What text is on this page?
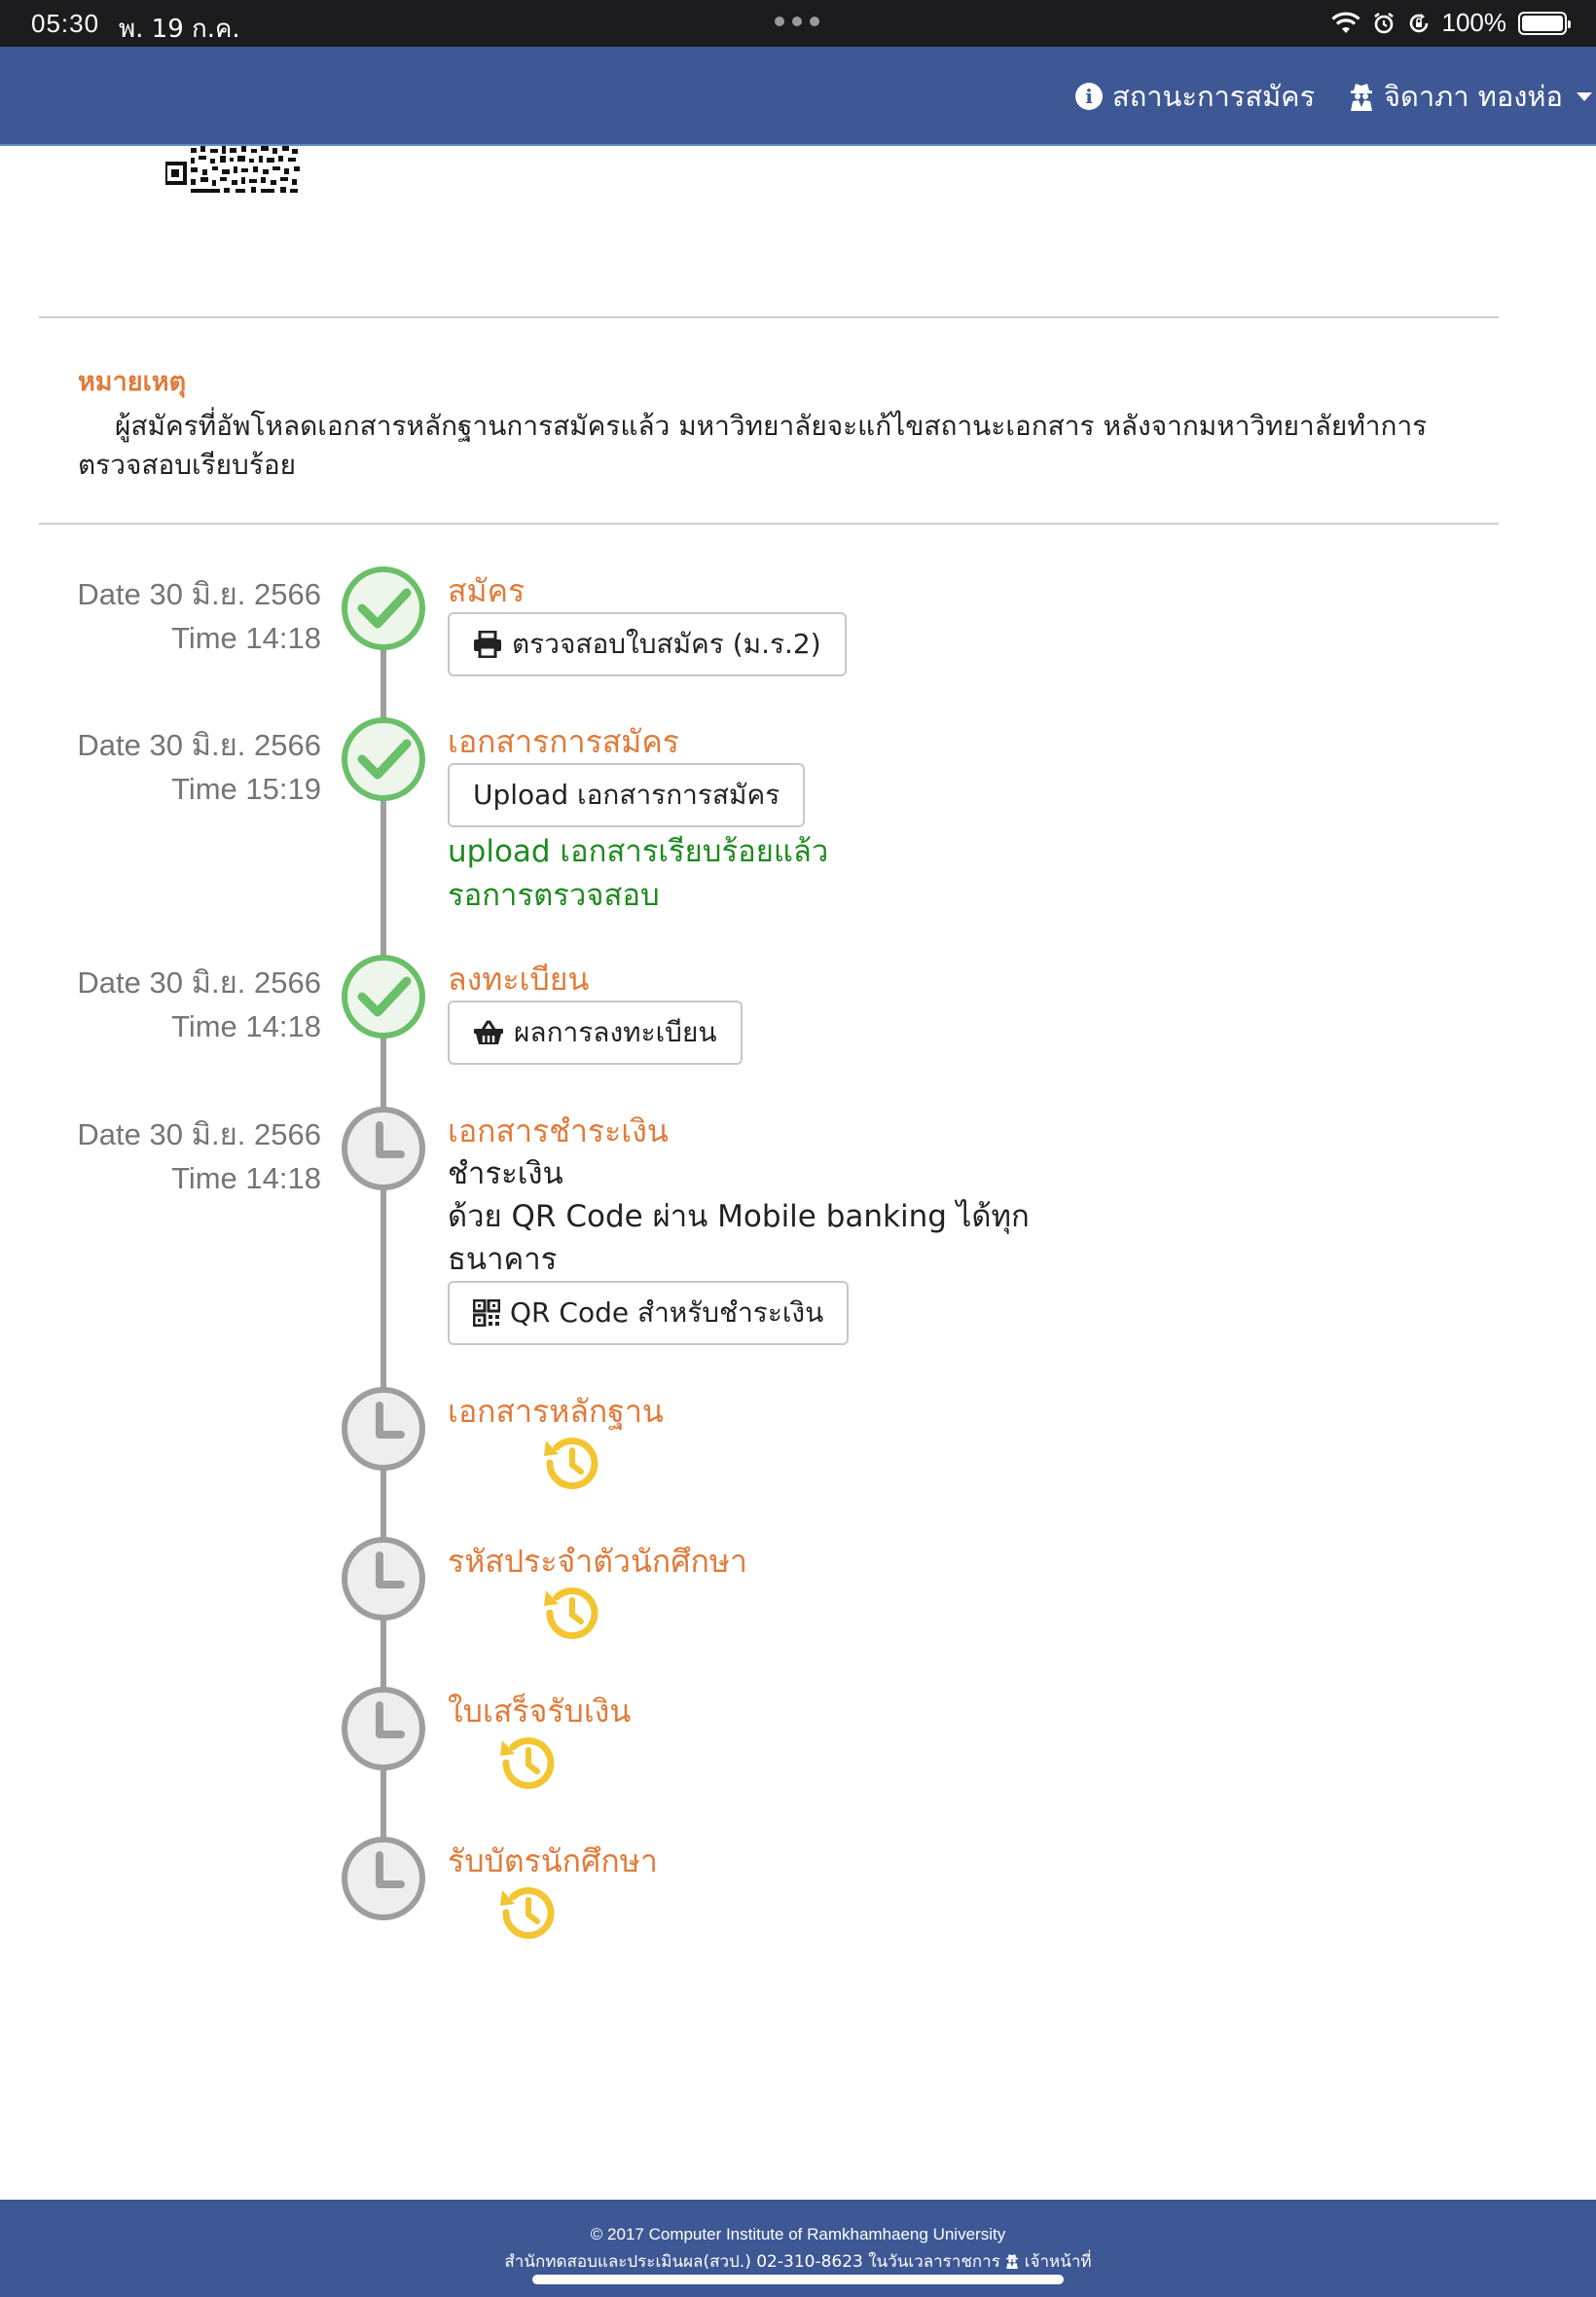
05:30 พ. 19 ก.ค.	100%
i สถานะการสมัคร จิดาภา ทองห่อ
หมายเหตุ
ผู้สมัครที่อัพโหลดเอกสารหลักฐานการสมัครแล้ว มหาวิทยาลัยจะแก้ไขสถานะเอกสาร หลังจากมหาวิทยาลัยทำการตรวจสอบเรียบร้อย
Date 30 มิ.ย. 2566
Time 14:18
สมัคร
ตรวจสอบใบสมัคร (ม.ร.2)
Date 30 มิ.ย. 2566
Time 15:19
เอกสารการสมัคร
Upload เอกสารการสมัคร
upload เอกสารเรียบร้อยแล้ว
รอการตรวจสอบ
Date 30 มิ.ย. 2566
Time 14:18
ลงทะเบียน
ผลการลงทะเบียน
Date 30 มิ.ย. 2566
Time 14:18
เอกสารชำระเงิน
ชำระเงิน
ด้วย QR Code ผ่าน Mobile banking ได้ทุก
ธนาคาร
QR Code สำหรับชำระเงิน
เอกสารหลักฐาน
รหัสประจำตัวนักศึกษา
ใบเสร็จรับเงิน
รับบัตรนักศึกษา
© 2017 Computer Institute of Ramkhamhaeng University
สำนักทดสอบและประเมินผล(สวป.) 02-310-8623 ในวันเวลาราชการ เจ้าหน้าที่
